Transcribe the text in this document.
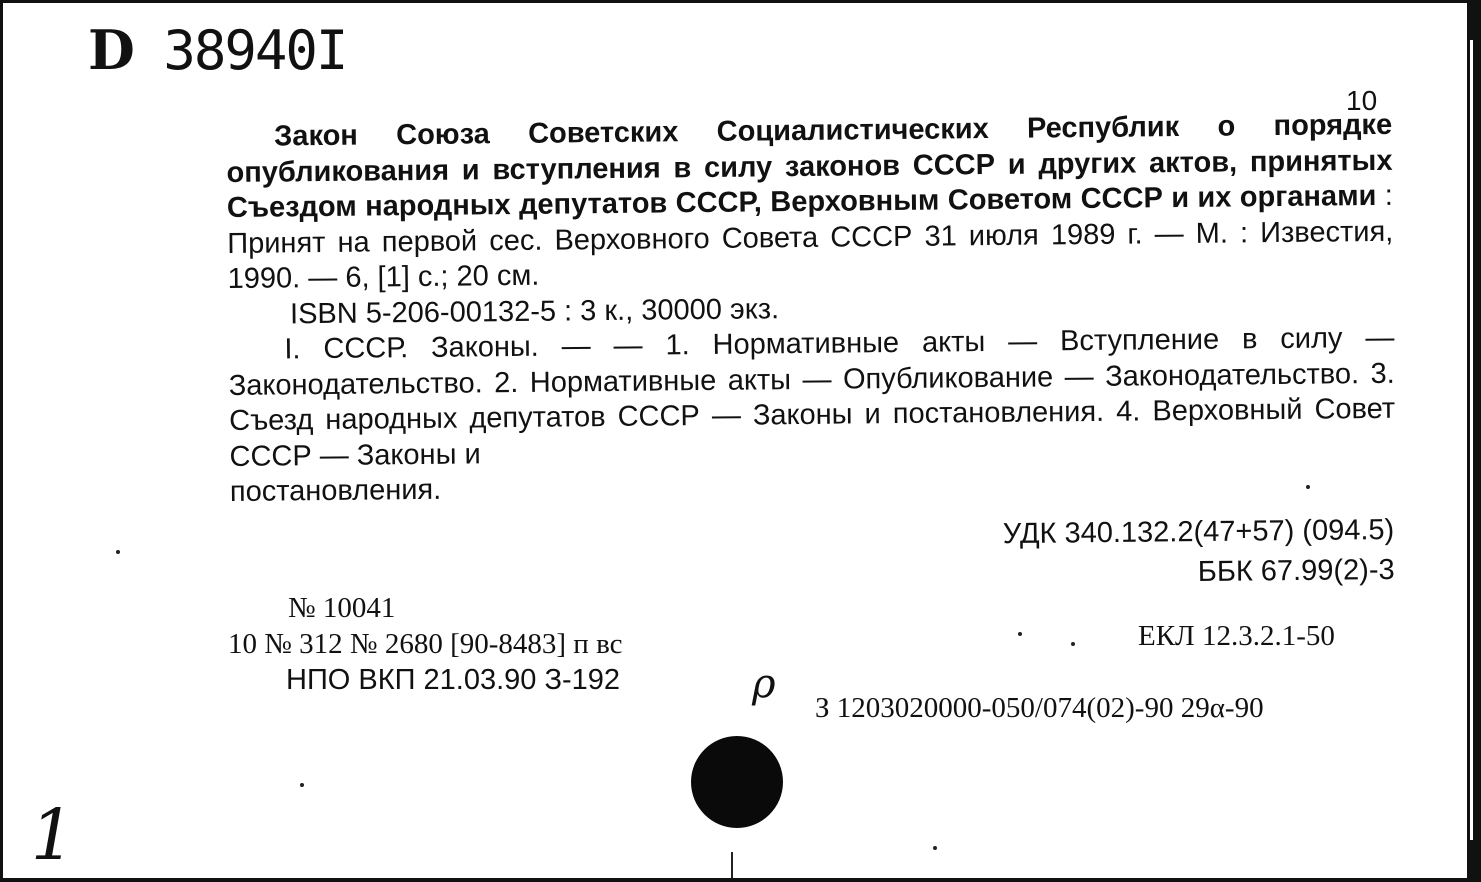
D 38940I
10

Закон Союза Советских Социалистических Республик о порядке опубликования и вступления в силу законов СССР и других актов, принятых Съездом народных депутатов СССР, Верховным Советом СССР и их органами : Принят на первой сес. Верховного Совета СССР 31 июля 1989 г. — М. : Известия, 1990. — 6, [1] с.; 20 см.

ISBN 5-206-00132-5 : 3 к., 30000 экз.

I. СССР. Законы. — — 1. Нормативные акты — Вступление в силу — Законодательство. 2. Нормативные акты — Опубликование — Законодательство. 3. Съезд народных депутатов СССР — Законы и постановления. 4. Верховный Совет СССР — Законы и

постановления.

УДК 340.132.2(47+57) (094.5)
ББК 67.99(2)-3
№ 10041
10 № 312 № 2680 [90-8483] п вс
НПО ВКП 21.03.90 З-192
ЕКЛ 12.3.2.1-50
З 1203020000-050/074(02)-90 29α-90
ρ
1
